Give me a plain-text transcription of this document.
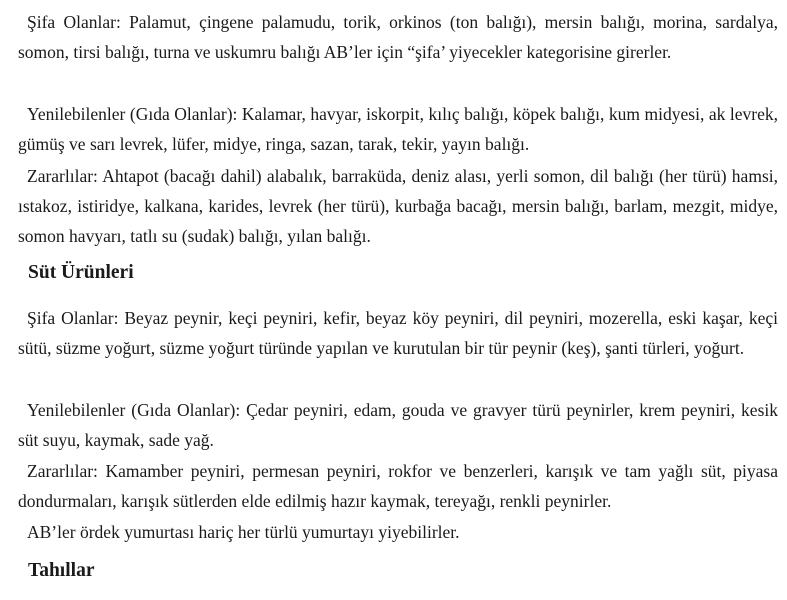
Şifa Olanlar: Palamut, çingene palamudu, torik, orkinos (ton balığı), mersin balığı, morina, sardalya, somon, tirsi balığı, turna ve uskumru balığı AB’ler için “şifa’ yiyecekler kategorisine girerler.

Yenilebilenler (Gıda Olanlar): Kalamar, havyar, iskorpit, kılıç balığı, köpek balığı, kum midyesi, ak levrek, gümüş ve sarı levrek, lüfer, midye, ringa, sazan, tarak, tekir, yayın balığı.

Zararlılar: Ahtapot (bacağı dahil) alabalık, barraküda, deniz alası, yerli somon, dil balığı (her türü) hamsi, ıstakoz, istiridye, kalkana, karides, levrek (her türü), kurbağa bacağı, mersin balığı, barlam, mezgit, midye, somon havyarı, tatlı su (sudak) balığı, yılan balığı.

Süt Ürünleri

Şifa Olanlar: Beyaz peynir, keçi peyniri, kefir, beyaz köy peyniri, dil peyniri, mozerella, eski kaşar, keçi sütü, süzme yoğurt, süzme yoğurt türünde yapılan ve kurutulan bir tür peynir (keş), şanti türleri, yoğurt.

Yenilebilenler (Gıda Olanlar): Çedar peyniri, edam, gouda ve gravyer türü peynirler, krem peyniri, kesik süt suyu, kaymak, sade yağ.

Zararlılar: Kamamber peyniri, permesan peyniri, rokfor ve benzerleri, karışık ve tam yağlı süt, piyasa dondurmaları, karışık sütlerden elde edilmiş hazır kaymak, tereyağı, renkli peynirler.

AB’ler ördek yumurtası hariç her türlü yumurtayı yiyebilirler.

Tahıllar
